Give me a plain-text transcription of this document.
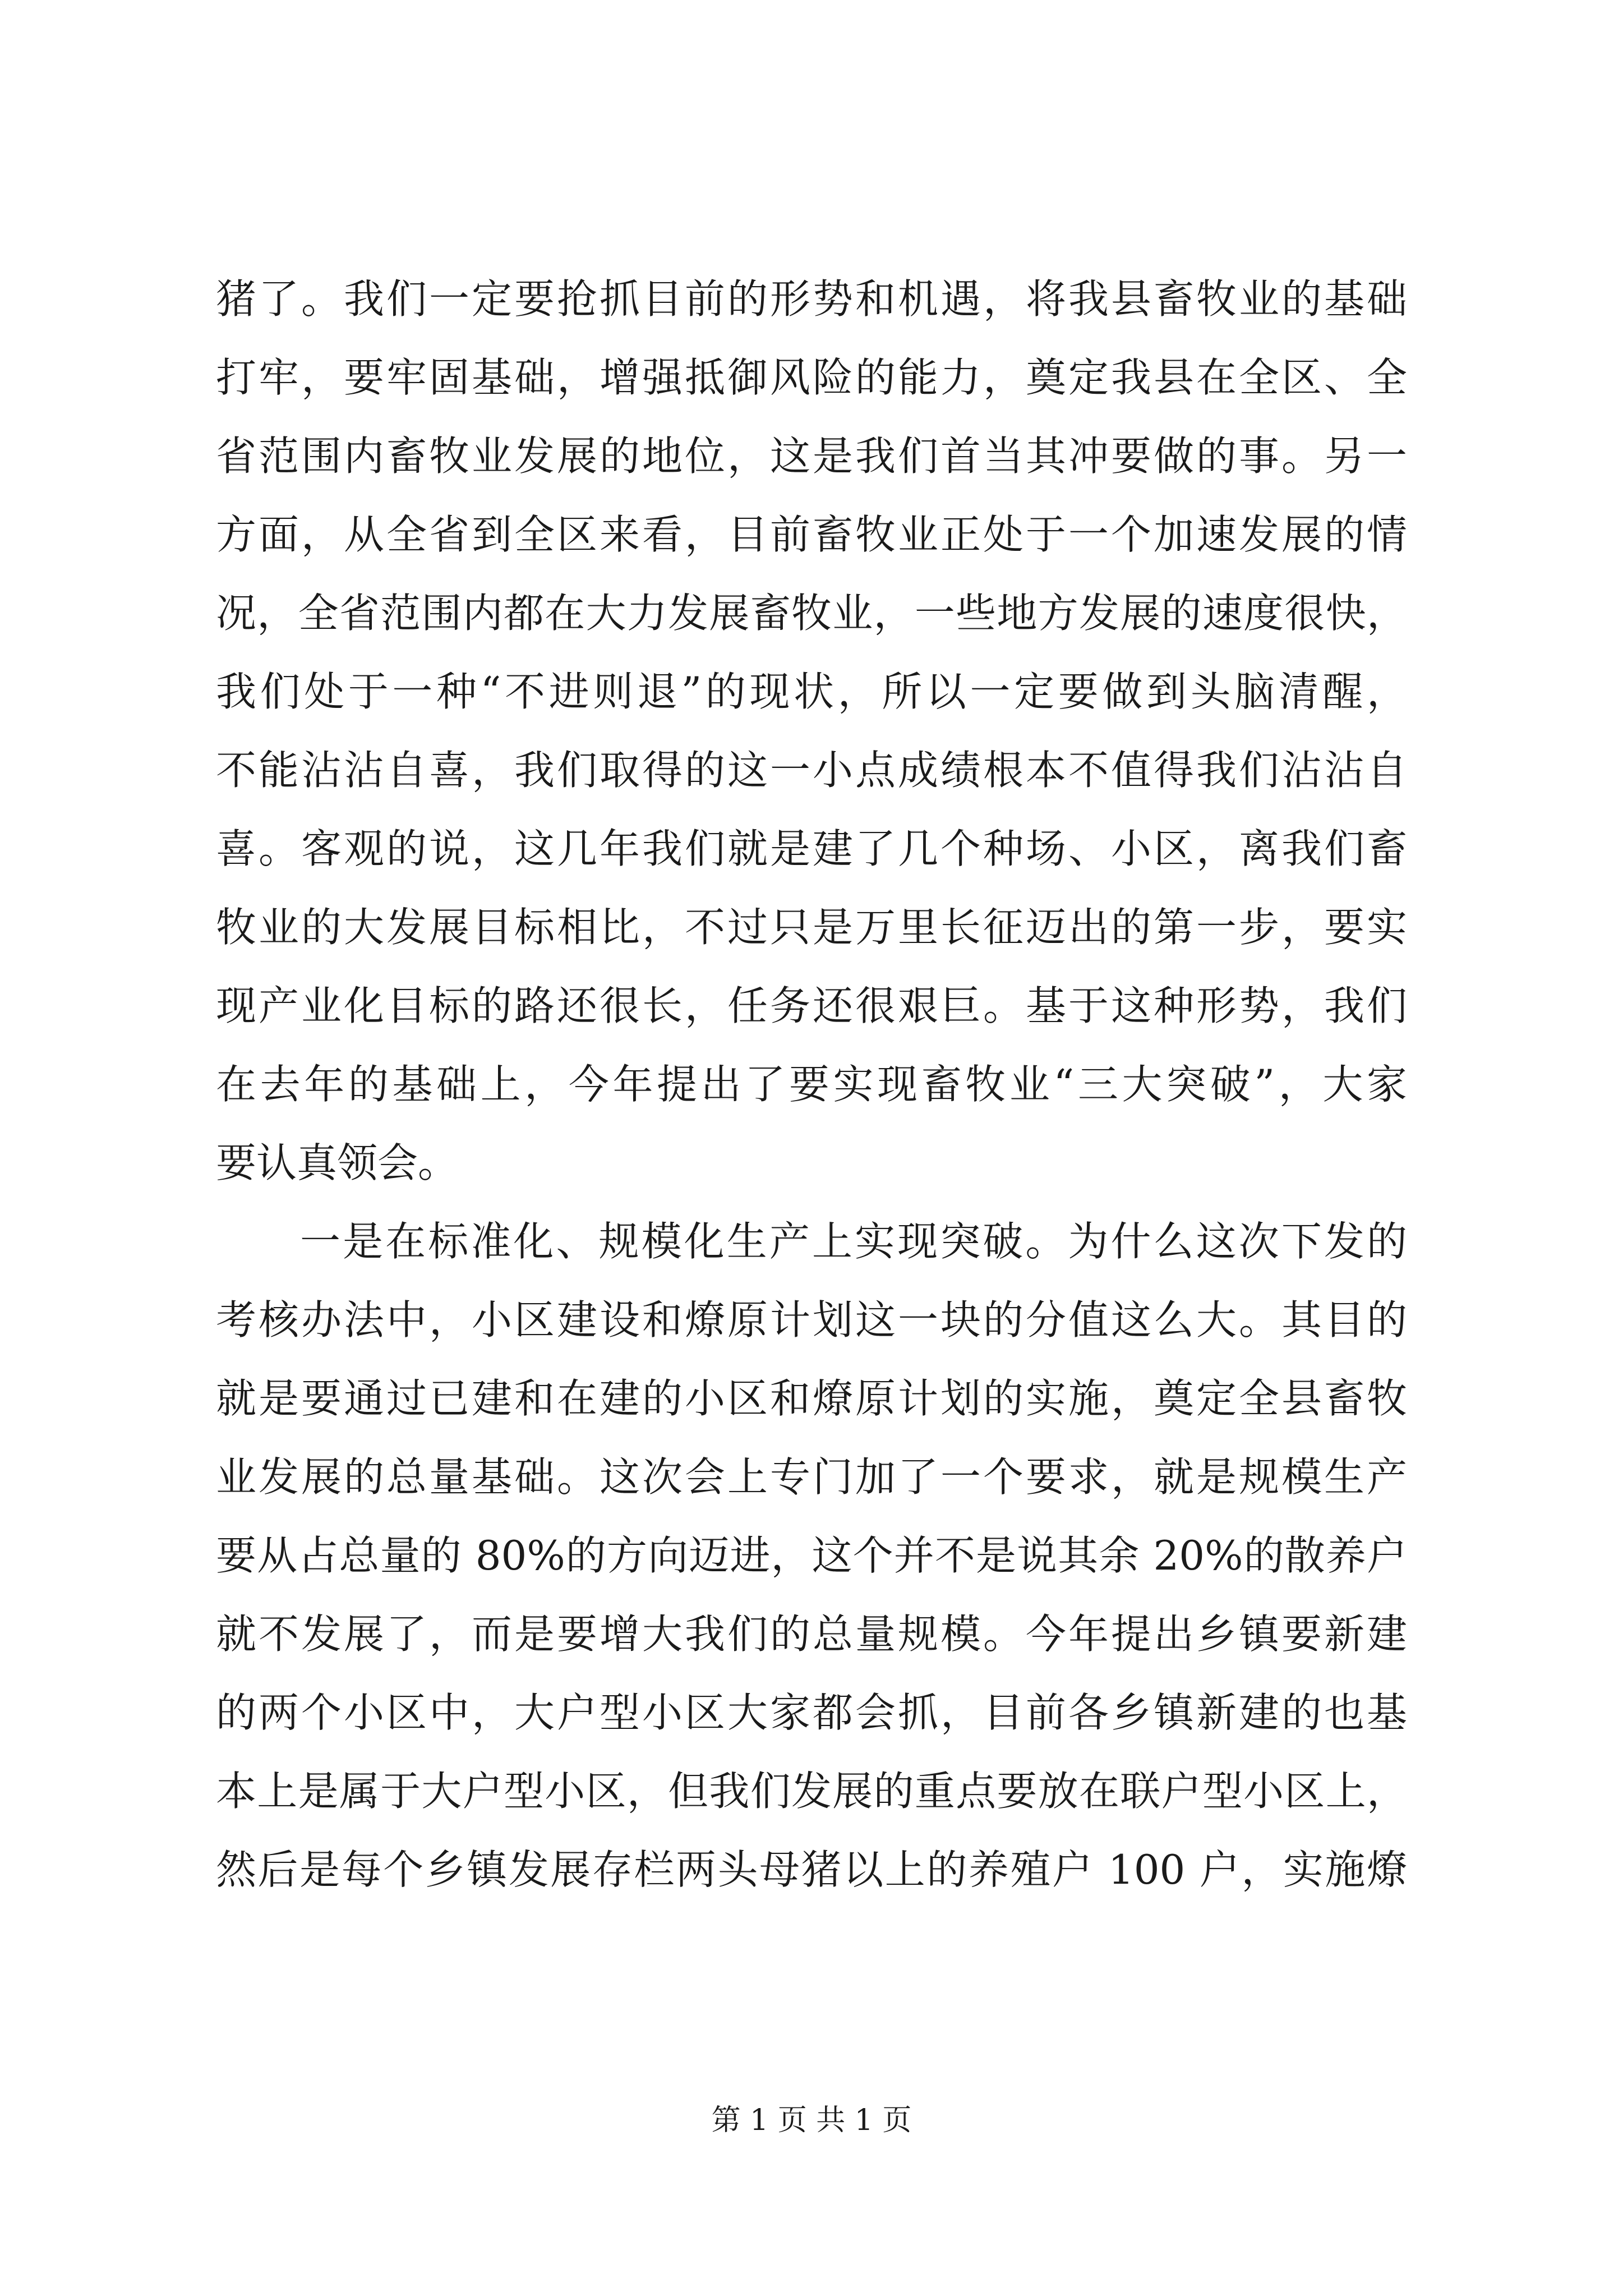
猪了。我们一定要抢抓目前的形势和机遇，将我县畜牧业的基础
打牢，要牢固基础，增强抵御风险的能力，奠定我县在全区、全
省范围内畜牧业发展的地位，这是我们首当其冲要做的事。另一
方面，从全省到全区来看，目前畜牧业正处于一个加速发展的情
况，全省范围内都在大力发展畜牧业，一些地方发展的速度很快，
我们处于一种“不进则退”的现状，所以一定要做到头脑清醒，
不能沾沾自喜，我们取得的这一小点成绩根本不值得我们沾沾自
喜。客观的说，这几年我们就是建了几个种场、小区，离我们畜
牧业的大发展目标相比，不过只是万里长征迈出的第一步，要实
现产业化目标的路还很长，任务还很艰巨。基于这种形势，我们
在去年的基础上，今年提出了要实现畜牧业“三大突破”，大家
要认真领会。
一是在标准化、规模化生产上实现突破。为什么这次下发的
考核办法中，小区建设和燎原计划这一块的分值这么大。其目的
就是要通过已建和在建的小区和燎原计划的实施，奠定全县畜牧
业发展的总量基础。这次会上专门加了一个要求，就是规模生产
要从占总量的 80%的方向迈进，这个并不是说其余 20%的散养户
就不发展了，而是要增大我们的总量规模。今年提出乡镇要新建
的两个小区中，大户型小区大家都会抓，目前各乡镇新建的也基
本上是属于大户型小区，但我们发展的重点要放在联户型小区上，
然后是每个乡镇发展存栏两头母猪以上的养殖户 100 户，实施燎
第 1 页 共 1 页
